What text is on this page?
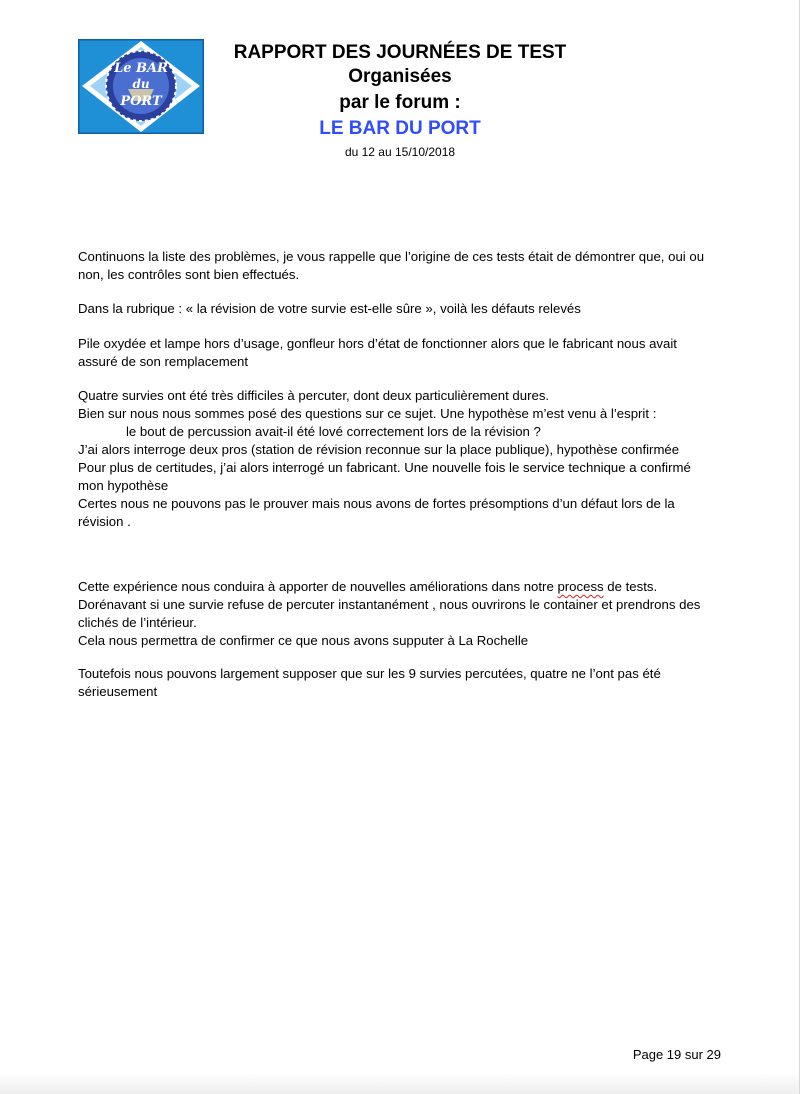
Le BAR
du
PORT
RAPPORT DES JOURNÉES DE TEST
Organisées
par le forum :
LE BAR DU PORT
du 12 au 15/10/2018

Continuons la liste des problèmes, je vous rappelle que l’origine de ces tests était de démontrer que, oui ou non, les contrôles sont bien effectués.

Dans la rubrique : « la révision de votre survie est-elle sûre », voilà les défauts relevés

Pile oxydée et lampe hors d’usage, gonfleur hors d’état de fonctionner alors que le fabricant nous avait assuré de son remplacement

Quatre survies ont été très difficiles à percuter, dont deux particulièrement dures.

Bien sur nous nous sommes posé des questions sur ce sujet. Une hypothèse m’est venu à l’esprit :

le bout de percussion avait-il été lové correctement lors de la révision ?

J’ai alors interroge deux pros (station de révision reconnue sur la place publique), hypothèse confirmée

Pour plus de certitudes, j’ai alors interrogé un fabricant. Une nouvelle fois le service technique a confirmé mon hypothèse

Certes nous ne pouvons pas le prouver mais nous avons de fortes présomptions d’un défaut lors de la révision .

Cette expérience nous conduira à apporter de nouvelles améliorations dans notre process de tests. Dorénavant si une survie refuse de percuter instantanément , nous ouvrirons le container et prendrons des clichés de l’intérieur.

Cela nous permettra de confirmer ce que nous avons supputer à La Rochelle

Toutefois nous pouvons largement supposer que sur les 9 survies percutées, quatre ne l’ont pas été sérieusement

Page 19 sur 29
